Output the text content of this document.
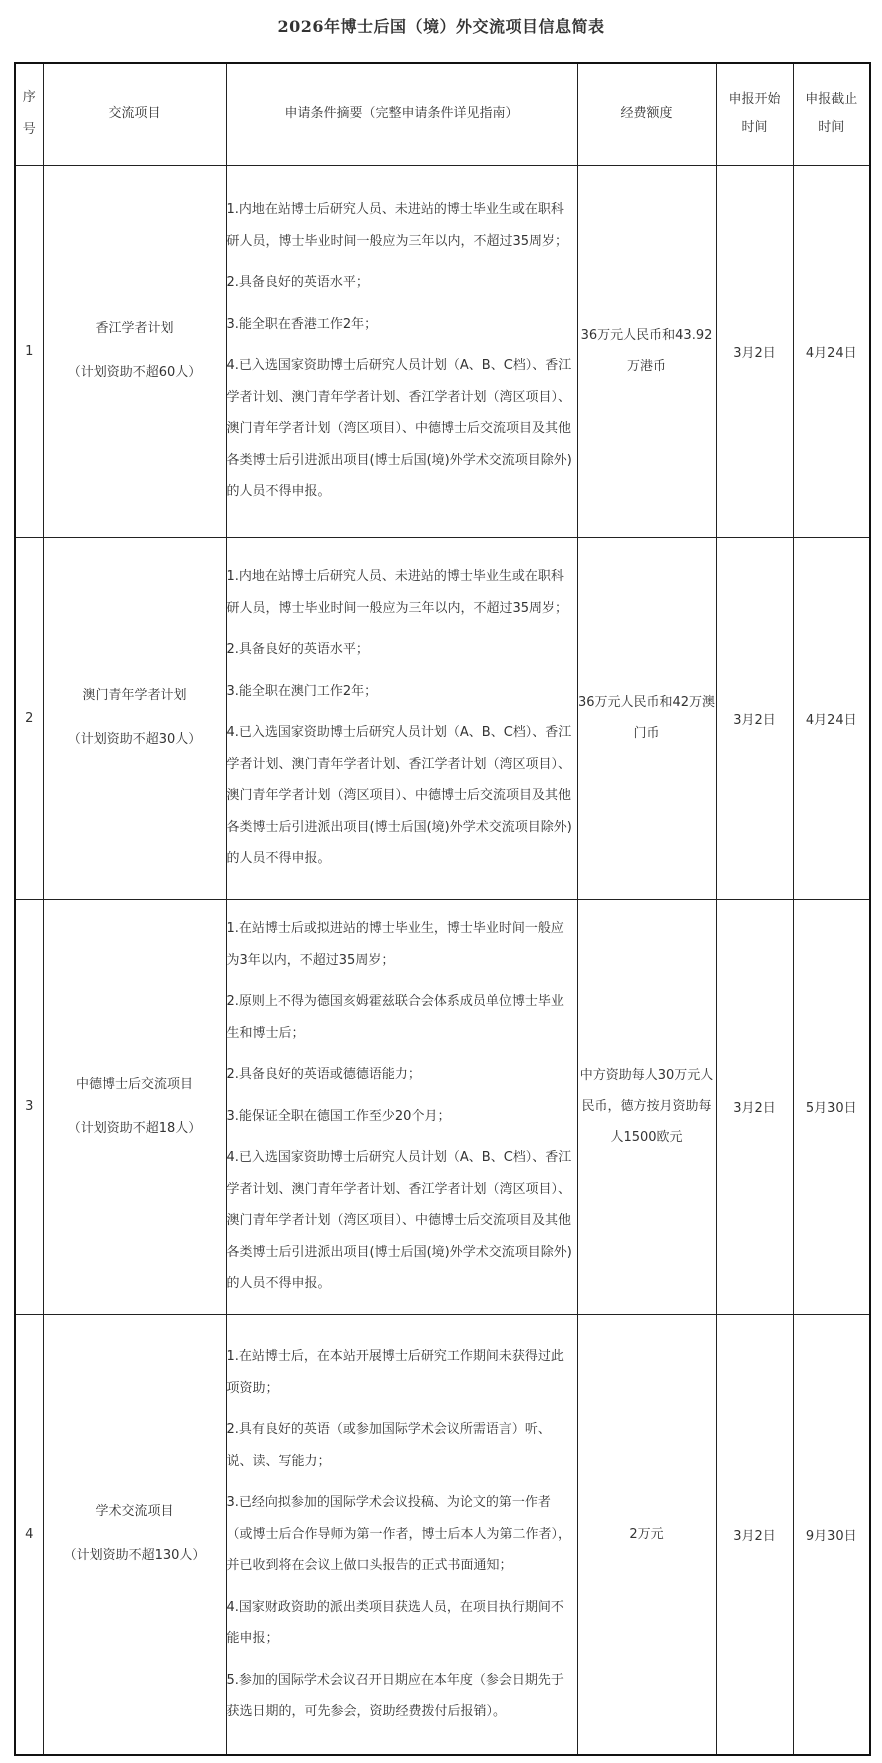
2026年博士后国（境）外交流项目信息简表
序
号	交流项目	申请条件摘要（完整申请条件详见指南）	经费额度	申报开始
时间	申报截止
时间

1	香江学者计划
（计划资助不超60人）	1.内地在站博士后研究人员、未进站的博士毕业生或在职科研人员，博士毕业时间一般应为三年以内，不超过35周岁；
2.具备良好的英语水平；
3.能全职在香港工作2年；
4.已入选国家资助博士后研究人员计划（A、B、C档）、香江学者计划、澳门青年学者计划、香江学者计划（湾区项目）、澳门青年学者计划（湾区项目）、中德博士后交流项目及其他各类博士后引进派出项目(博士后国(境)外学术交流项目除外)的人员不得申报。	36万元人民币和43.92万港币	3月2日	4月24日
2	澳门青年学者计划
（计划资助不超30人）	1.内地在站博士后研究人员、未进站的博士毕业生或在职科研人员，博士毕业时间一般应为三年以内，不超过35周岁；
2.具备良好的英语水平；
3.能全职在澳门工作2年；
4.已入选国家资助博士后研究人员计划（A、B、C档）、香江学者计划、澳门青年学者计划、香江学者计划（湾区项目）、澳门青年学者计划（湾区项目）、中德博士后交流项目及其他各类博士后引进派出项目(博士后国(境)外学术交流项目除外)的人员不得申报。	36万元人民币和42万澳门币	3月2日	4月24日
3	中德博士后交流项目
（计划资助不超18人）	1.在站博士后或拟进站的博士毕业生，博士毕业时间一般应为3年以内，不超过35周岁；
2.原则上不得为德国亥姆霍兹联合会体系成员单位博士毕业生和博士后；
2.具备良好的英语或德德语能力；
3.能保证全职在德国工作至少20个月；
4.已入选国家资助博士后研究人员计划（A、B、C档）、香江学者计划、澳门青年学者计划、香江学者计划（湾区项目）、澳门青年学者计划（湾区项目）、中德博士后交流项目及其他各类博士后引进派出项目(博士后国(境)外学术交流项目除外)的人员不得申报。	中方资助每人30万元人民币，德方按月资助每人1500欧元	3月2日	5月30日
4	学术交流项目
（计划资助不超130人）	1.在站博士后，在本站开展博士后研究工作期间未获得过此项资助；
2.具有良好的英语（或参加国际学术会议所需语言）听、说、读、写能力；
3.已经向拟参加的国际学术会议投稿、为论文的第一作者（或博士后合作导师为第一作者，博士后本人为第二作者），并已收到将在会议上做口头报告的正式书面通知；
4.国家财政资助的派出类项目获选人员，在项目执行期间不能申报；
5.参加的国际学术会议召开日期应在本年度（参会日期先于获选日期的，可先参会，资助经费拨付后报销）。	2万元	3月2日	9月30日
